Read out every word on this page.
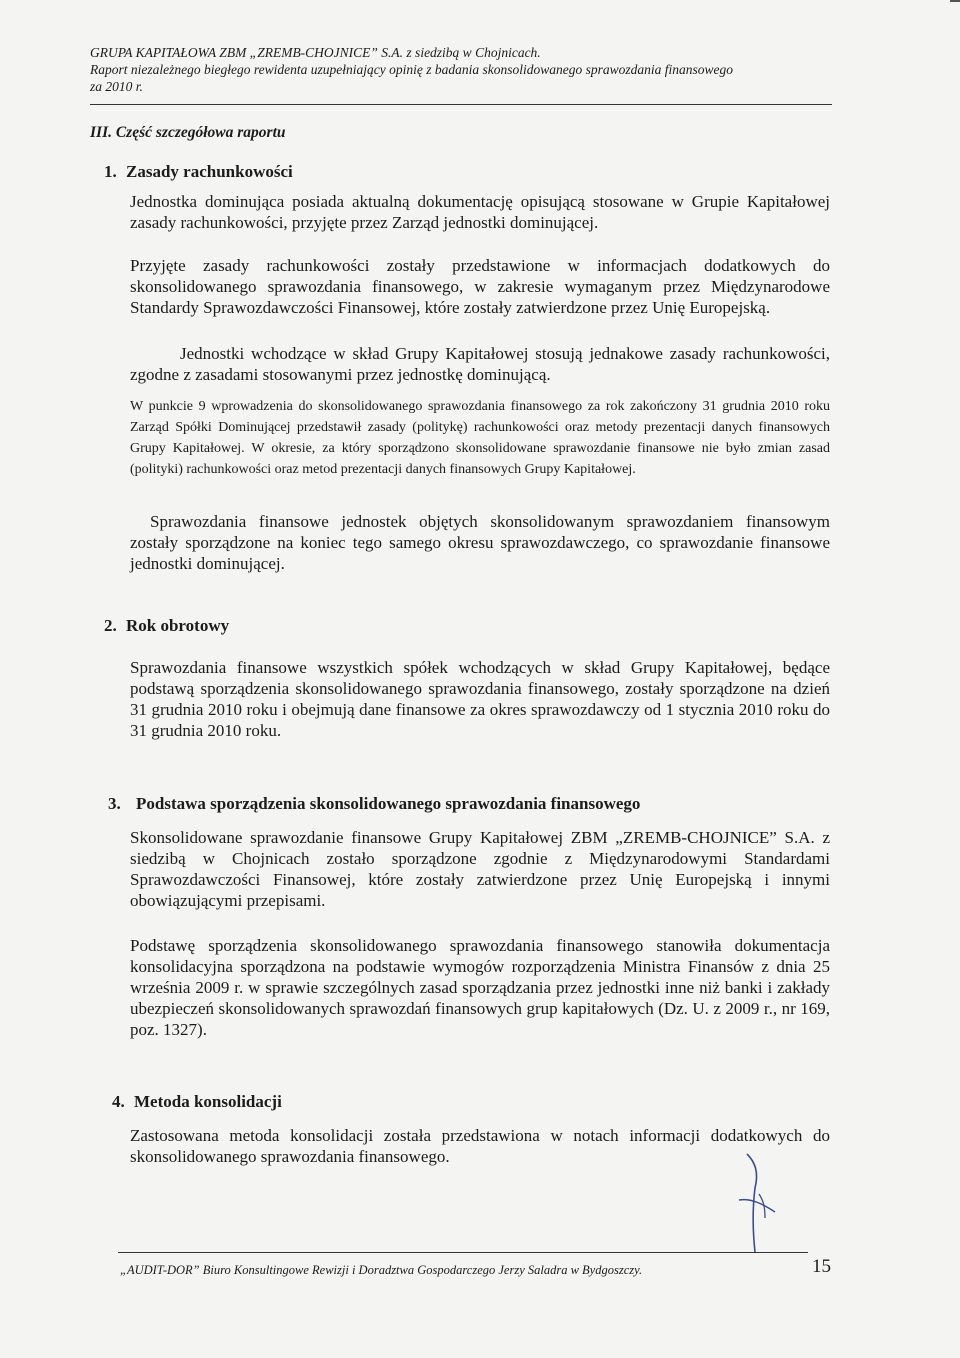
GRUPA KAPITAŁOWA ZBM „ZREMB-CHOJNICE” S.A. z siedzibą w Chojnicach.
Raport niezależnego biegłego rewidenta uzupełniający opinię z badania skonsolidowanego sprawozdania finansowego
za 2010 r.
III. Część szczegółowa raportu
1. Zasady rachunkowości

Jednostka dominująca posiada aktualną dokumentację opisującą stosowane w Grupie Kapitałowej zasady rachunkowości, przyjęte przez Zarząd jednostki dominującej.

Przyjęte zasady rachunkowości zostały przedstawione w informacjach dodatkowych do skonsolidowanego sprawozdania finansowego, w zakresie wymaganym przez Międzynarodowe Standardy Sprawozdawczości Finansowej, które zostały zatwierdzone przez Unię Europejską.

Jednostki wchodzące w skład Grupy Kapitałowej stosują jednakowe zasady rachunkowości, zgodne z zasadami stosowanymi przez jednostkę dominującą.

W punkcie 9 wprowadzenia do skonsolidowanego sprawozdania finansowego za rok zakończony 31 grudnia 2010 roku Zarząd Spółki Dominującej przedstawił zasady (politykę) rachunkowości oraz metody prezentacji danych finansowych Grupy Kapitałowej. W okresie, za który sporządzono skonsolidowane sprawozdanie finansowe nie było zmian zasad (polityki) rachunkowości oraz metod prezentacji danych finansowych Grupy Kapitałowej.

Sprawozdania finansowe jednostek objętych skonsolidowanym sprawozdaniem finansowym zostały sporządzone na koniec tego samego okresu sprawozdawczego, co sprawozdanie finansowe jednostki dominującej.

2. Rok obrotowy

Sprawozdania finansowe wszystkich spółek wchodzących w skład Grupy Kapitałowej, będące podstawą sporządzenia skonsolidowanego sprawozdania finansowego, zostały sporządzone na dzień 31 grudnia 2010 roku i obejmują dane finansowe za okres sprawozdawczy od 1 stycznia 2010 roku do 31 grudnia 2010 roku.

3. Podstawa sporządzenia skonsolidowanego sprawozdania finansowego

Skonsolidowane sprawozdanie finansowe Grupy Kapitałowej ZBM „ZREMB-CHOJNICE” S.A. z siedzibą w Chojnicach zostało sporządzone zgodnie z Międzynarodowymi Standardami Sprawozdawczości Finansowej, które zostały zatwierdzone przez Unię Europejską i innymi obowiązującymi przepisami.

Podstawę sporządzenia skonsolidowanego sprawozdania finansowego stanowiła dokumentacja konsolidacyjna sporządzona na podstawie wymogów rozporządzenia Ministra Finansów z dnia 25 września 2009 r. w sprawie szczególnych zasad sporządzania przez jednostki inne niż banki i zakłady ubezpieczeń skonsolidowanych sprawozdań finansowych grup kapitałowych (Dz. U. z 2009 r., nr 169, poz. 1327).

4. Metoda konsolidacji

Zastosowana metoda konsolidacji została przedstawiona w notach informacji dodatkowych do skonsolidowanego sprawozdania finansowego.

„AUDIT-DOR” Biuro Konsultingowe Rewizji i Doradztwa Gospodarczego Jerzy Saladra w Bydgoszczy.	15
